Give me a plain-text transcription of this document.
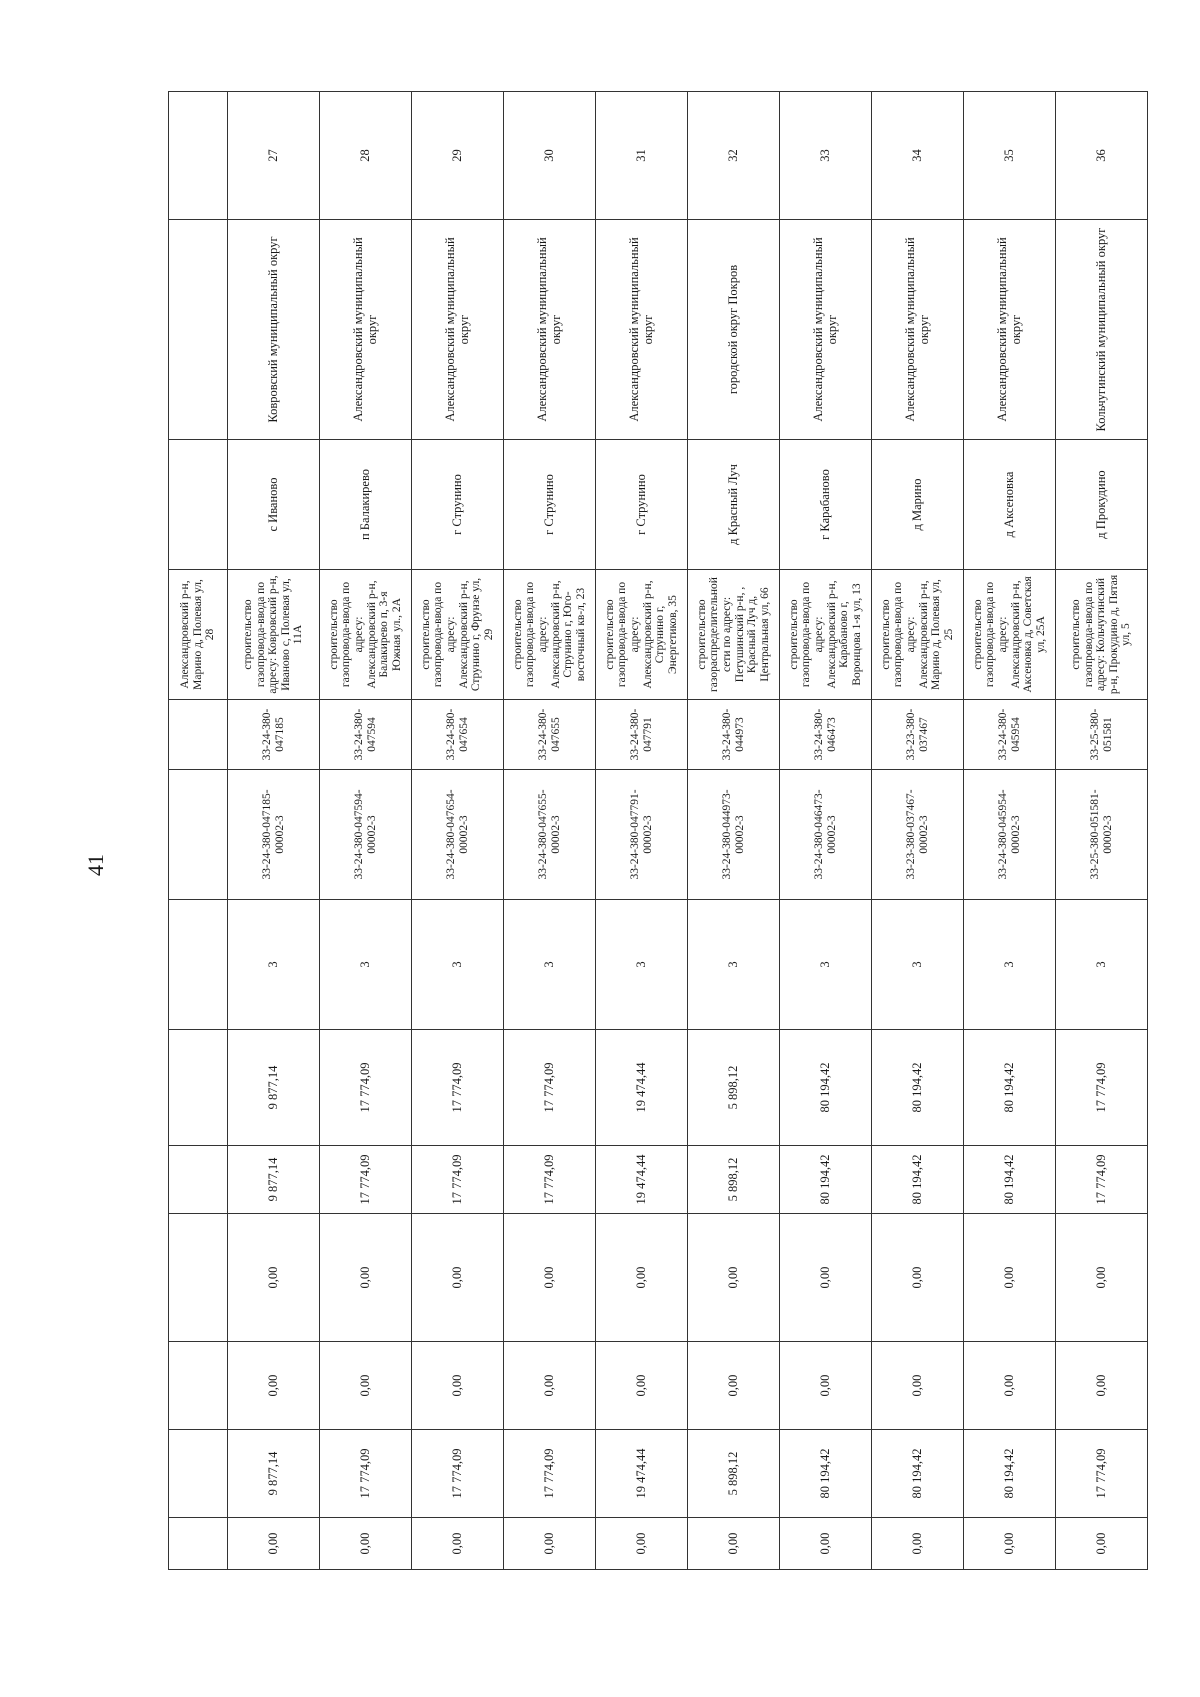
41
									Александровский р-н, Марино д, Полевая ул, 28			
0,00	9 877,14	0,00	0,00	9 877,14	9 877,14	3	33-24-380-047185-00002-3	33-24-380-047185	строительство газопровода-ввода по адресу: Ковровский р-н, Иваново с, Полевая ул, 11А	с Иваново	Ковровский муниципальный округ	27
0,00	17 774,09	0,00	0,00	17 774,09	17 774,09	3	33-24-380-047594-00002-3	33-24-380-047594	строительство газопровода-ввода по адресу: Александровский р-н, Балакирево п, 3-я Южная ул., 2А	п Балакирево	Александровский муниципальный округ	28
0,00	17 774,09	0,00	0,00	17 774,09	17 774,09	3	33-24-380-047654-00002-3	33-24-380-047654	строительство газопровода-ввода по адресу: Александровский р-н, Струнино г, Фрунзе ул, 29	г Струнино	Александровский муниципальный округ	29
0,00	17 774,09	0,00	0,00	17 774,09	17 774,09	3	33-24-380-047655-00002-3	33-24-380-047655	строительство газопровода-ввода по адресу: Александровский р-н, Струнино г, Юго-восточный кв-л, 23	г Струнино	Александровский муниципальный округ	30
0,00	19 474,44	0,00	0,00	19 474,44	19 474,44	3	33-24-380-047791-00002-3	33-24-380-047791	строительство газопровода-ввода по адресу: Александровский р-н, Струнино г, Энергетиков, 35	г Струнино	Александровский муниципальный округ	31
0,00	5 898,12	0,00	0,00	5 898,12	5 898,12	3	33-24-380-044973-00002-3	33-24-380-044973	строительство газораспределительной сети по адресу: Петушинский р-н, , Красный Луч д, Центральная ул, 66	д Красный Луч	городской округ Покров	32
0,00	80 194,42	0,00	0,00	80 194,42	80 194,42	3	33-24-380-046473-00002-3	33-24-380-046473	строительство газопровода-ввода по адресу: Александровский р-н, Карабаново г, Воронцова 1-я ул, 13	г Карабаново	Александровский муниципальный округ	33
0,00	80 194,42	0,00	0,00	80 194,42	80 194,42	3	33-23-380-037467-00002-3	33-23-380-037467	строительство газопровода-ввода по адресу: Александровский р-н, Марино д, Полевая ул, 25	д Марино	Александровский муниципальный округ	34
0,00	80 194,42	0,00	0,00	80 194,42	80 194,42	3	33-24-380-045954-00002-3	33-24-380-045954	строительство газопровода-ввода по адресу: Александровский р-н, Аксеновка д, Советская ул, 25А	д Аксеновка	Александровский муниципальный округ	35
0,00	17 774,09	0,00	0,00	17 774,09	17 774,09	3	33-25-380-051581-00002-3	33-25-380-051581	строительство газопровода-ввода по адресу: Кольчугинский р-н, Прокудино д, Пятая ул, 5	д Прокудино	Кольчугинский муниципальный округ	36
